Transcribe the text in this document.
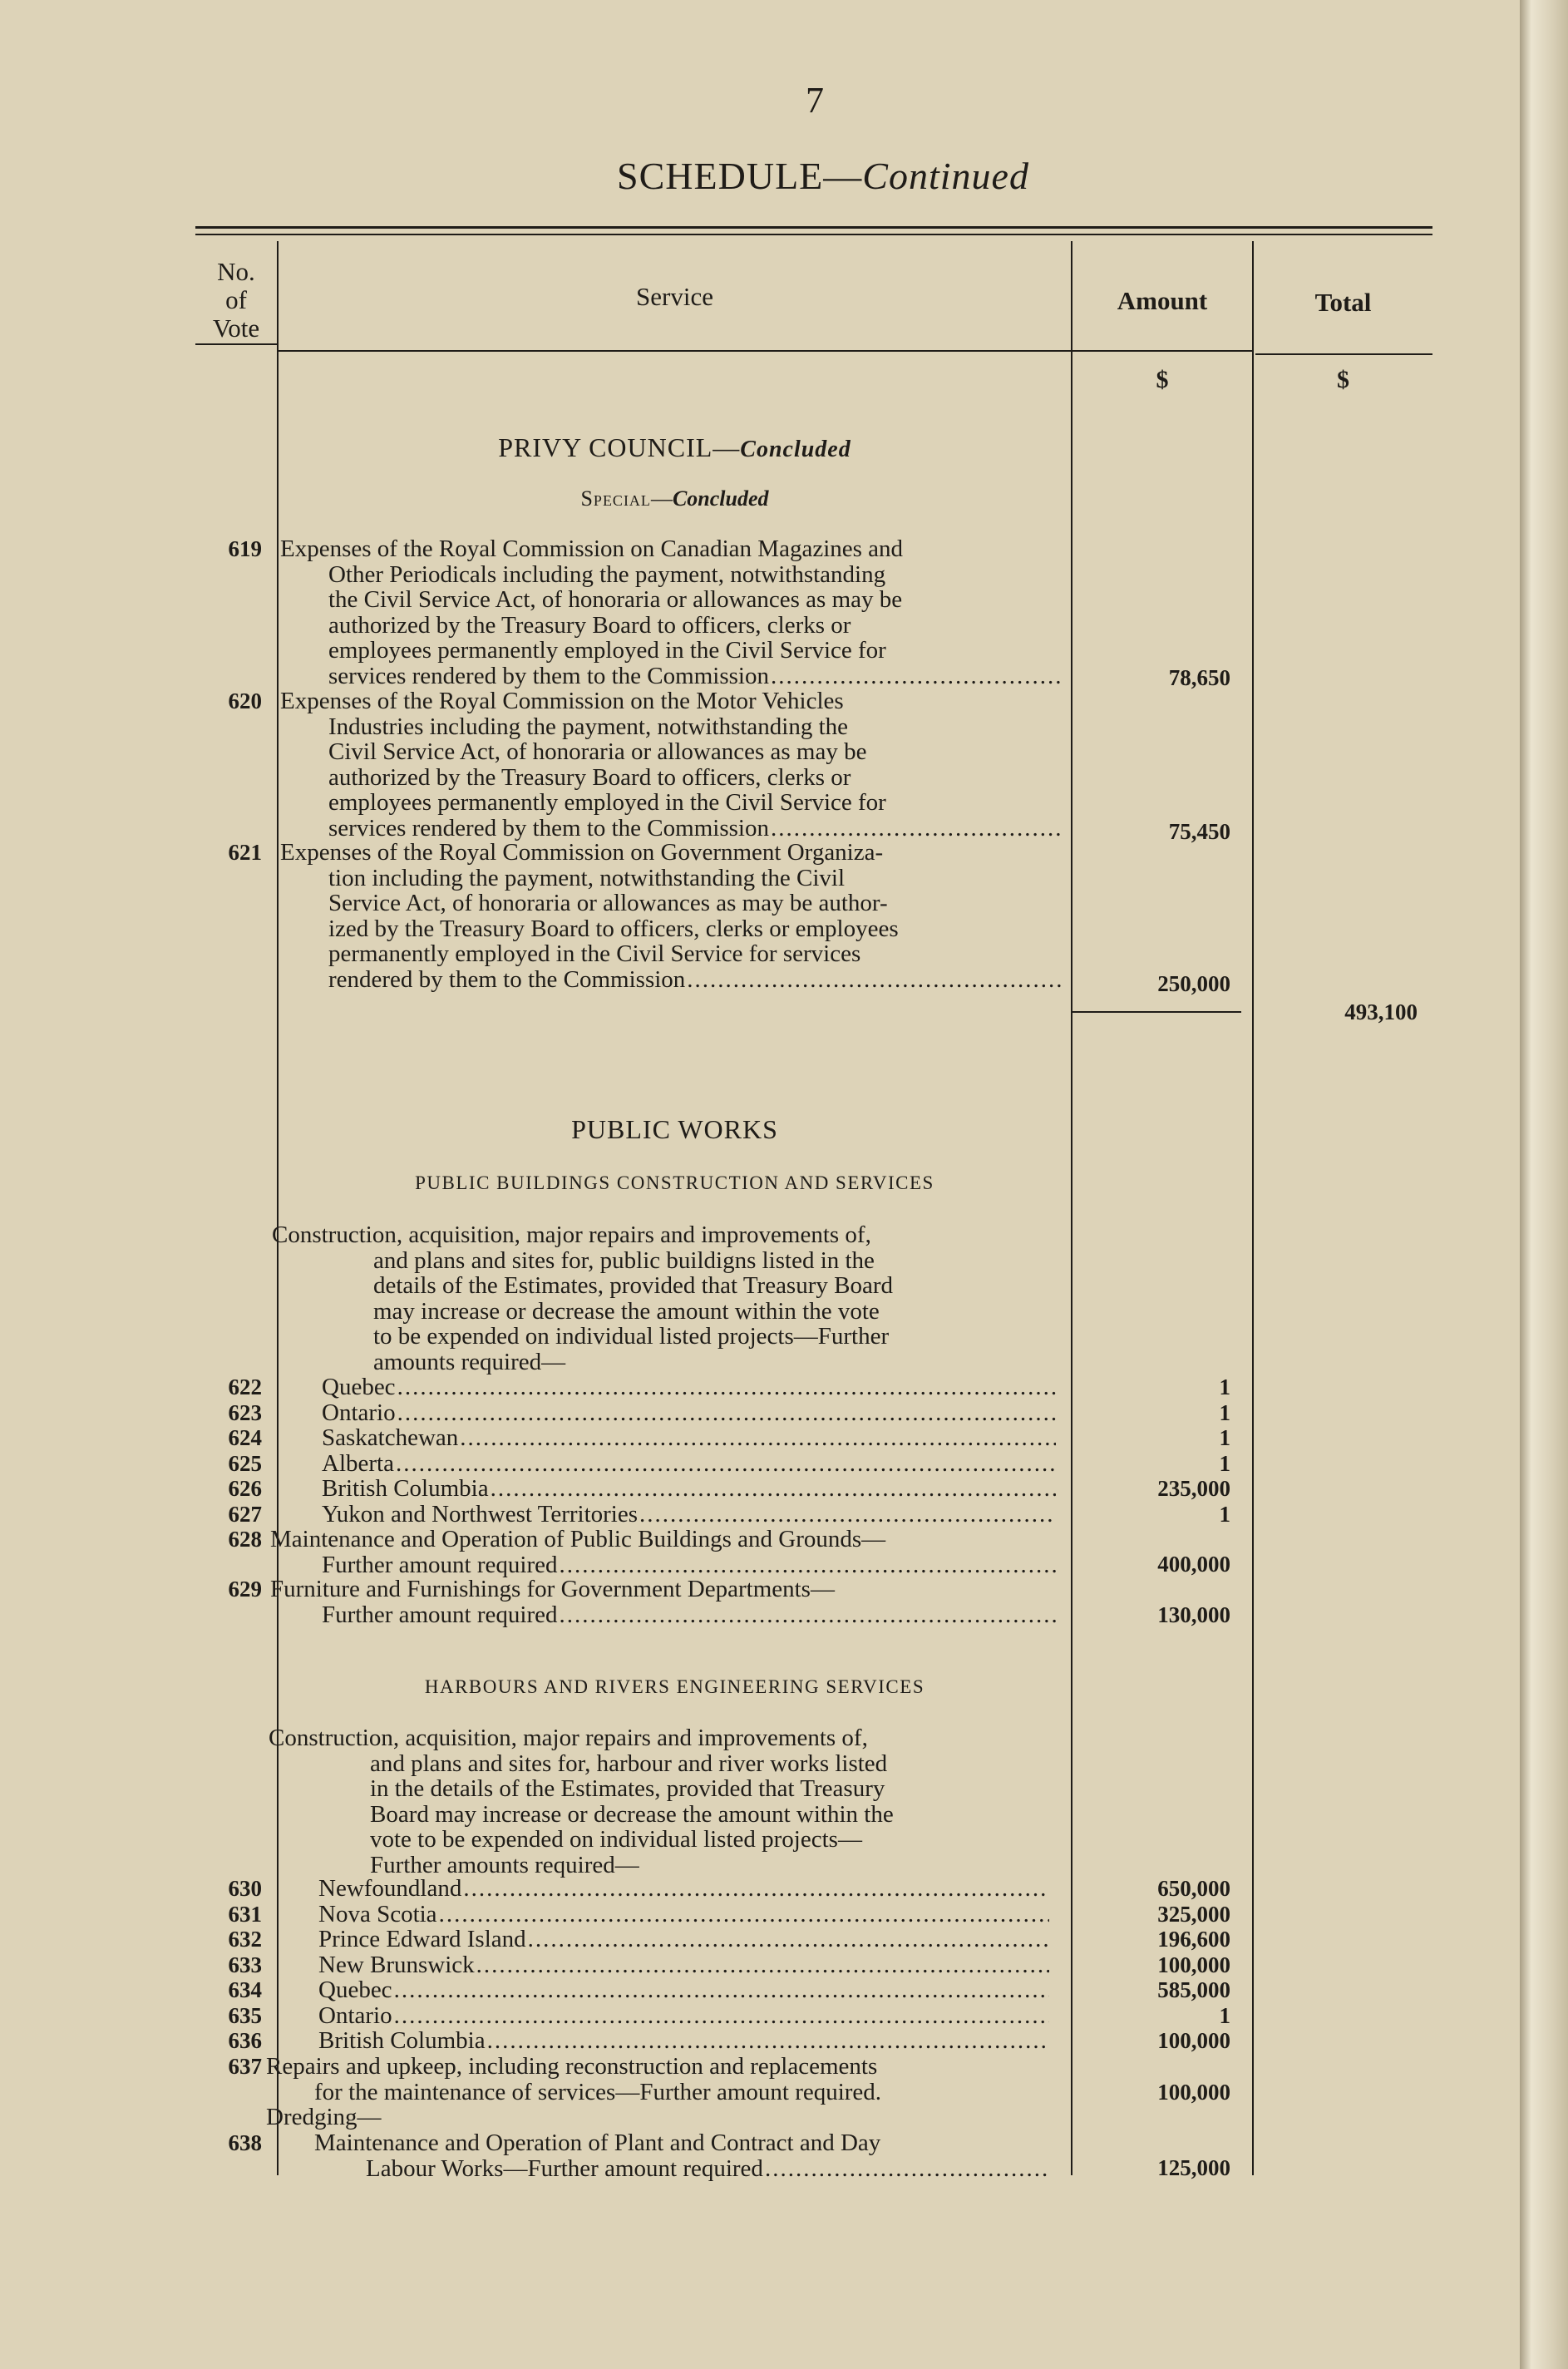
7
SCHEDULE—Continued
No.
of
Vote
Service	Amount	Total
$	$
PRIVY COUNCIL—Concluded
Special—Concluded
619 Expenses of the Royal Commission on Canadian Magazines and
Other Periodicals including the payment, notwithstanding
the Civil Service Act, of honoraria or allowances as may be
authorized by the Treasury Board to officers, clerks or
employees permanently employed in the Civil Service for
services rendered by them to the Commission .....	78,650
620 Expenses of the Royal Commission on the Motor Vehicles
Industries including the payment, notwithstanding the
Civil Service Act, of honoraria or allowances as may be
authorized by the Treasury Board to officers, clerks or
employees permanently employed in the Civil Service for
services rendered by them to the Commission .....	75,450
621 Expenses of the Royal Commission on Government Organiza-
tion including the payment, notwithstanding the Civil
Service Act, of honoraria or allowances as may be author-
ized by the Treasury Board to officers, clerks or employees
permanently employed in the Civil Service for services
rendered by them to the Commission .....	250,000
493,100
PUBLIC WORKS
PUBLIC BUILDINGS CONSTRUCTION AND SERVICES
Construction, acquisition, major repairs and improvements of,
and plans and sites for, public buildigns listed in the
details of the Estimates, provided that Treasury Board
may increase or decrease the amount within the vote
to be expended on individual listed projects—Further
amounts required—
622 Quebec .....	1
623 Ontario .....	1
624 Saskatchewan .....	1
625 Alberta .....	1
626 British Columbia .....	235,000
627 Yukon and Northwest Territories .....	1
628 Maintenance and Operation of Public Buildings and Grounds—
Further amount required .....	400,000
629 Furniture and Furnishings for Government Departments—
Further amount required .....	130,000
HARBOURS AND RIVERS ENGINEERING SERVICES
Construction, acquisition, major repairs and improvements of,
and plans and sites for, harbour and river works listed
in the details of the Estimates, provided that Treasury
Board may increase or decrease the amount within the
vote to be expended on individual listed projects—
Further amounts required—
630 Newfoundland .....	650,000
631 Nova Scotia .....	325,000
632 Prince Edward Island .....	196,600
633 New Brunswick .....	100,000
634 Quebec .....	585,000
635 Ontario .....	1
636 British Columbia .....	100,000
637 Repairs and upkeep, including reconstruction and replacements
for the maintenance of services—Further amount required.	100,000
Dredging—
638 Maintenance and Operation of Plant and Contract and Day
Labour Works—Further amount required .....	125,000
